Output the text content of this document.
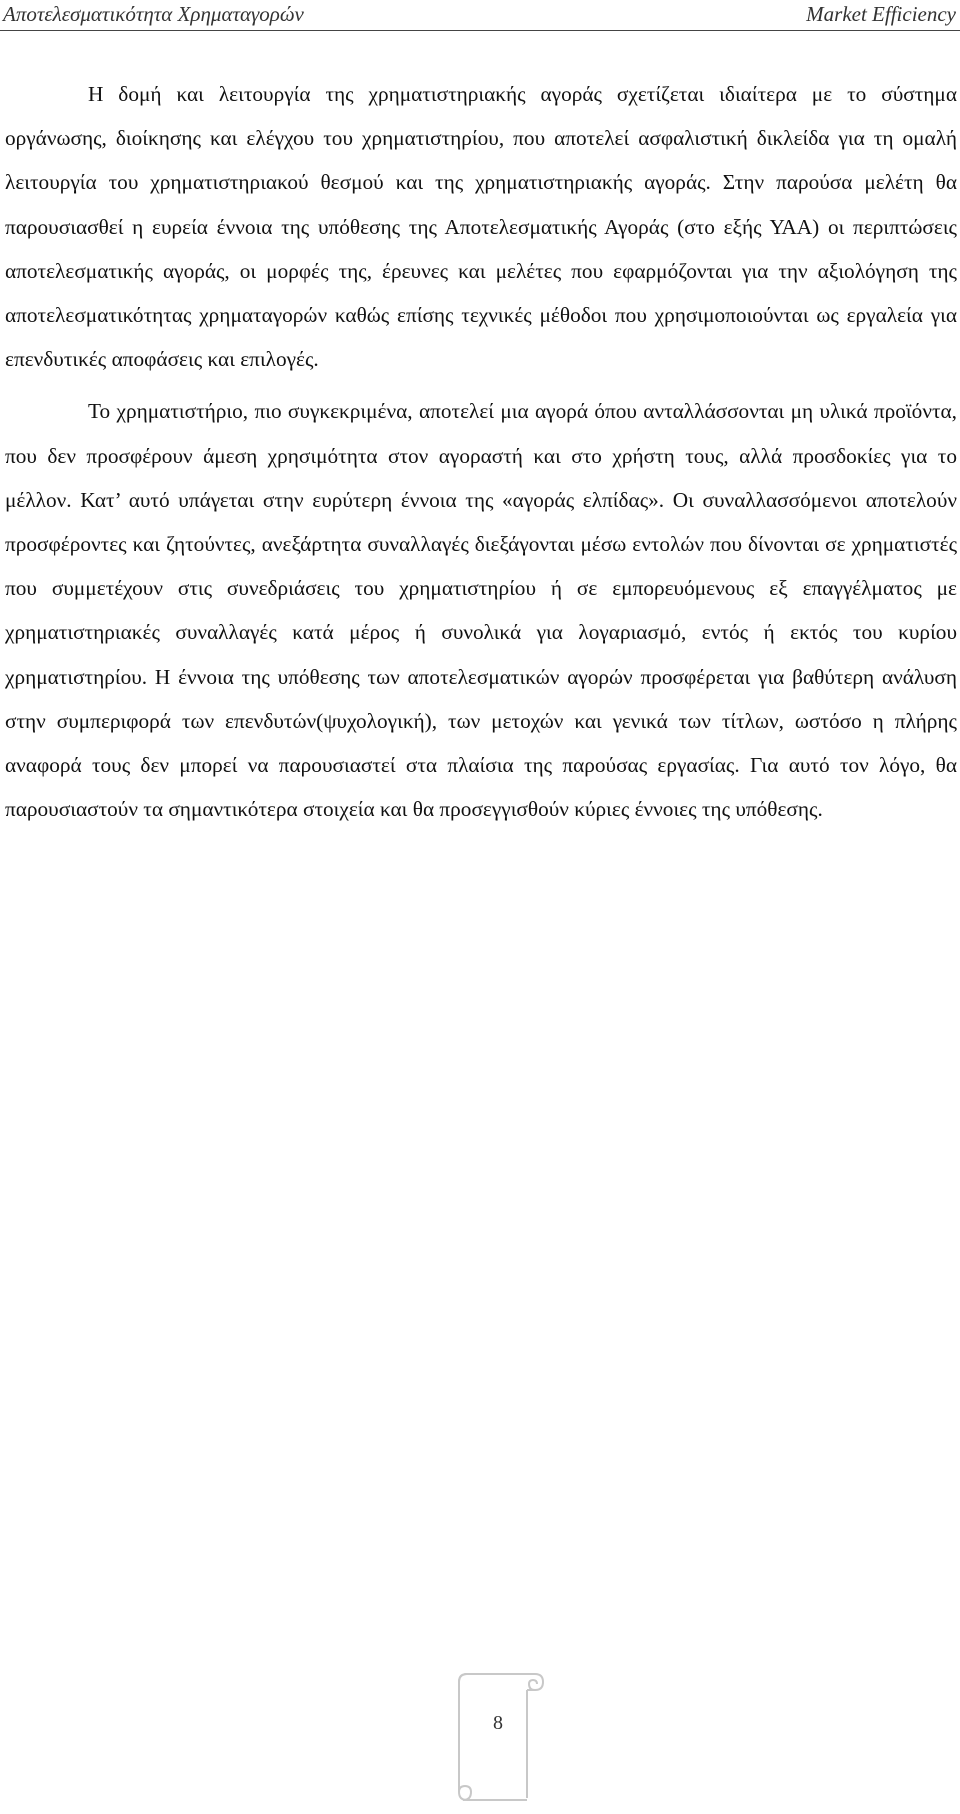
Αποτελεσματικότητα Χρηματαγορών	Market Efficiency

Η δομή και λειτουργία της χρηματιστηριακής αγοράς σχετίζεται ιδιαίτερα με το σύστημα οργάνωσης, διοίκησης και ελέγχου του χρηματιστηρίου, που αποτελεί ασφαλιστική δικλείδα για τη ομαλή λειτουργία του χρηματιστηριακού θεσμού και της χρηματιστηριακής αγοράς. Στην παρούσα μελέτη θα παρουσιασθεί η ευρεία έννοια της υπόθεσης της Αποτελεσματικής Αγοράς (στο εξής ΥΑΑ) οι περιπτώσεις αποτελεσματικής αγοράς, οι μορφές της, έρευνες και μελέτες που εφαρμόζονται για την αξιολόγηση της αποτελεσματικότητας χρηματαγορών καθώς επίσης τεχνικές μέθοδοι που χρησιμοποιούνται ως εργαλεία για επενδυτικές αποφάσεις και επιλογές.

Το χρηματιστήριο, πιο συγκεκριμένα, αποτελεί μια αγορά όπου ανταλλάσσονται μη υλικά προϊόντα, που δεν προσφέρουν άμεση χρησιμότητα στον αγοραστή και στο χρήστη τους, αλλά προσδοκίες για το μέλλον. Κατ’ αυτό υπάγεται στην ευρύτερη έννοια της «αγοράς ελπίδας». Οι συναλλασσόμενοι αποτελούν προσφέροντες και ζητούντες, ανεξάρτητα συναλλαγές διεξάγονται μέσω εντολών που δίνονται σε χρηματιστές που συμμετέχουν στις συνεδριάσεις του χρηματιστηρίου ή σε εμπορευόμενους εξ επαγγέλματος με χρηματιστηριακές συναλλαγές κατά μέρος ή συνολικά για λογαριασμό, εντός ή εκτός του κυρίου χρηματιστηρίου. Η έννοια της υπόθεσης των αποτελεσματικών αγορών προσφέρεται για βαθύτερη ανάλυση στην συμπεριφορά των επενδυτών(ψυχολογική), των μετοχών και γενικά των τίτλων, ωστόσο η πλήρης αναφορά τους δεν μπορεί να παρουσιαστεί στα πλαίσια της παρούσας εργασίας. Για αυτό τον λόγο, θα παρουσιαστούν τα σημαντικότερα στοιχεία και θα προσεγγισθούν κύριες έννοιες της υπόθεσης.

8
